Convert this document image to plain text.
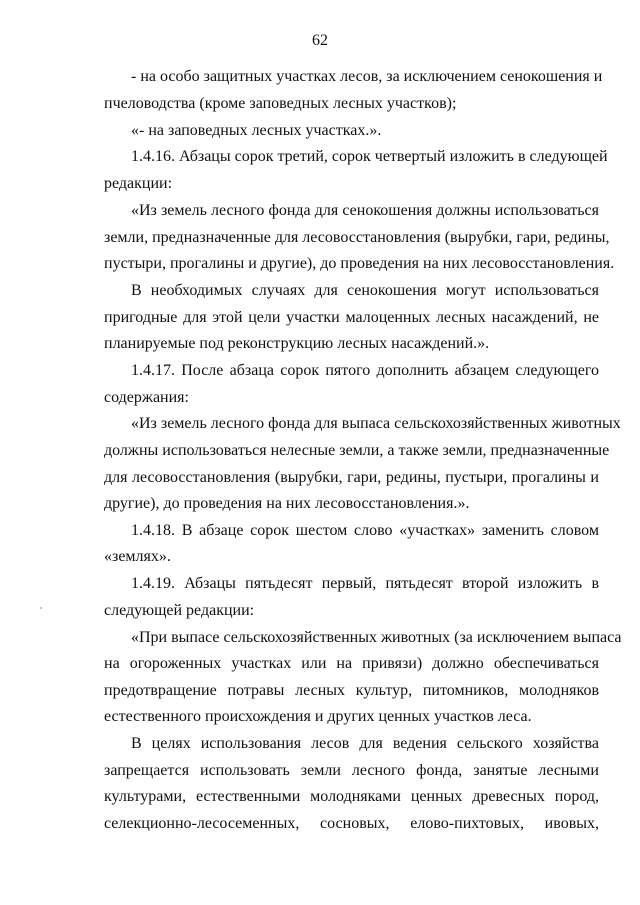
62
- на особо защитных участках лесов, за исключением сенокошения и
пчеловодства (кроме заповедных лесных участков);
«- на заповедных лесных участках.».
1.4.16. Абзацы сорок третий, сорок четвертый изложить в следующей
редакции:
«Из земель лесного фонда для сенокошения должны использоваться
земли, предназначенные для лесовосстановления (вырубки, гари, редины,
пустыри, прогалины и другие), до проведения на них лесовосстановления.
В необходимых случаях для сенокошения могут использоваться
пригодные для этой цели участки малоценных лесных насаждений, не
планируемые под реконструкцию лесных насаждений.».
1.4.17. После абзаца сорок пятого дополнить абзацем следующего
содержания:
«Из земель лесного фонда для выпаса сельскохозяйственных животных
должны использоваться нелесные земли, а также земли, предназначенные
для лесовосстановления (вырубки, гари, редины, пустыри, прогалины и
другие), до проведения на них лесовосстановления.».
1.4.18. В абзаце сорок шестом слово «участках» заменить словом
«землях».
1.4.19. Абзацы пятьдесят первый, пятьдесят второй изложить в
следующей редакции:
«При выпасе сельскохозяйственных животных (за исключением выпаса
на огороженных участках или на привязи) должно обеспечиваться
предотвращение потравы лесных культур, питомников, молодняков
естественного происхождения и других ценных участков леса.
В целях использования лесов для ведения сельского хозяйства
запрещается использовать земли лесного фонда, занятые лесными
культурами, естественными молодняками ценных древесных пород,
селекционно-лесосеменных, сосновых, елово-пихтовых, ивовых,
